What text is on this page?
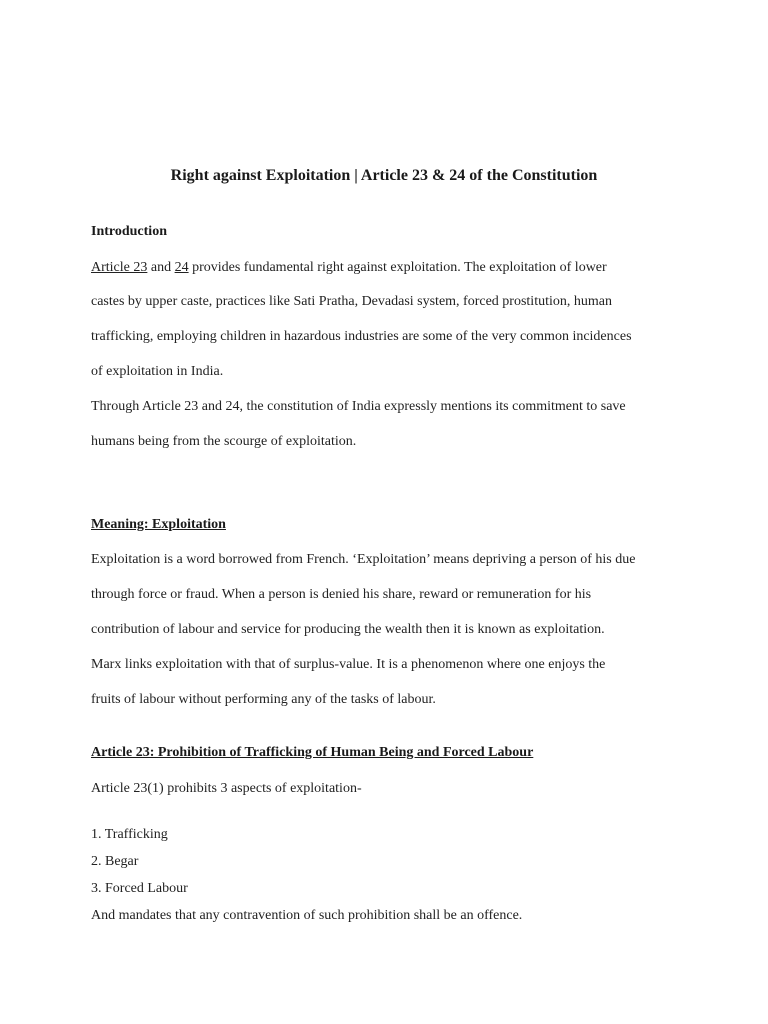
Right against Exploitation | Article 23 & 24 of the Constitution

Introduction

Article 23 and 24 provides fundamental right against exploitation. The exploitation of lower

castes by upper caste, practices like Sati Pratha, Devadasi system, forced prostitution, human

trafficking, employing children in hazardous industries are some of the very common incidences

of exploitation in India.

Through Article 23 and 24, the constitution of India expressly mentions its commitment to save

humans being from the scourge of exploitation.

Meaning: Exploitation

Exploitation is a word borrowed from French. ‘Exploitation’ means depriving a person of his due

through force or fraud. When a person is denied his share, reward or remuneration for his

contribution of labour and service for producing the wealth then it is known as exploitation.

Marx links exploitation with that of surplus-value. It is a phenomenon where one enjoys the

fruits of labour without performing any of the tasks of labour.

Article 23: Prohibition of Trafficking of Human Being and Forced Labour

Article 23(1) prohibits 3 aspects of exploitation-

1. Trafficking

2. Begar

3. Forced Labour

And mandates that any contravention of such prohibition shall be an offence.
